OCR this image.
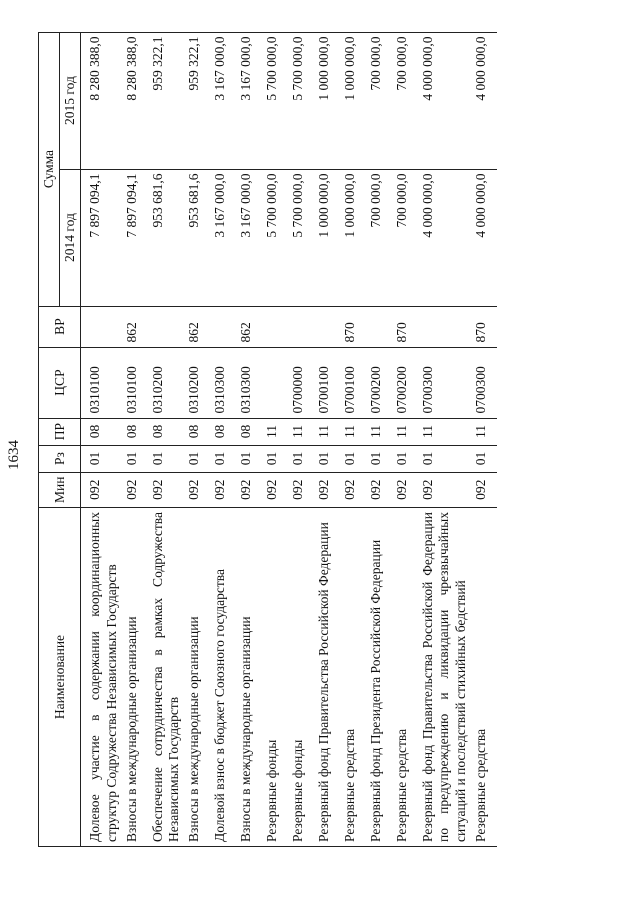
1634
Наименование	Мин	Рз	ПР	ЦСР	ВР	Сумма	
						2014 год	2015 год
Долевое участие в содержании координационных структур Содружества Независимых Государств	092	01	08	0310100		7 897 094,1	8 280 388,0
Взносы в международные организации	092	01	08	0310100	862	7 897 094,1	8 280 388,0
Обеспечение сотрудничества в рамках Содружества Независимых Государств	092	01	08	0310200		953 681,6	959 322,1
Взносы в международные организации	092	01	08	0310200	862	953 681,6	959 322,1
Долевой взнос в бюджет Союзного государства	092	01	08	0310300		3 167 000,0	3 167 000,0
Взносы в международные организации	092	01	08	0310300	862	3 167 000,0	3 167 000,0
Резервные фонды	092	01	11			5 700 000,0	5 700 000,0
Резервные фонды	092	01	11	0700000		5 700 000,0	5 700 000,0
Резервный фонд Правительства Российской Федерации	092	01	11	0700100		1 000 000,0	1 000 000,0
Резервные средства	092	01	11	0700100	870	1 000 000,0	1 000 000,0
Резервный фонд Президента Российской Федерации	092	01	11	0700200		700 000,0	700 000,0
Резервные средства	092	01	11	0700200	870	700 000,0	700 000,0
Резервный фонд Правительства Российской Федерации по предупреждению и ликвидации чрезвычайных ситуаций и последствий стихийных бедствий	092	01	11	0700300		4 000 000,0	4 000 000,0
Резервные средства	092	01	11	0700300	870	4 000 000,0	4 000 000,0
